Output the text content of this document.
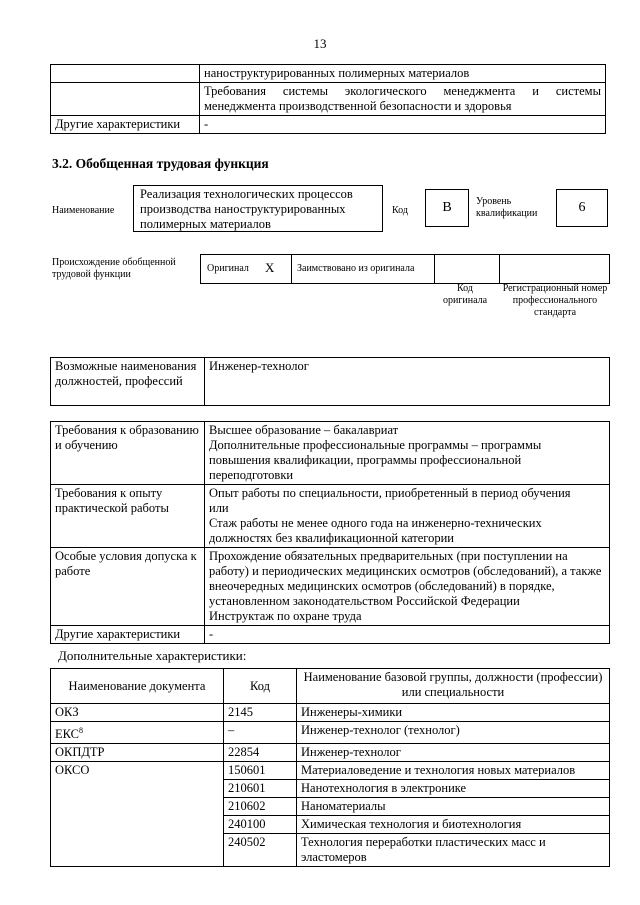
13
	наноструктурированных полимерных материалов
	Требования системы экологического менеджмента и системы менеджмента производственной безопасности и здоровья
Другие характеристики	-
3.2. Обобщенная трудовая функция
Наименование
Реализация технологических процессов производства наноструктурированных полимерных материалов
Код	B	Уровень квалификации	6
Происхождение обобщенной трудовой функции
Оригинал X Заимствовано из оригинала
Код оригинала
Регистрационный номер профессионального стандарта
Возможные наименования должностей, профессий	Инженер-технолог
Требования к образованию и обучению	Высшее образование – бакалавриат
Дополнительные профессиональные программы – программы повышения квалификации, программы профессиональной переподготовки

Требования к опыту практической работы	Опыт работы по специальности, приобретенный в период обучения
или
Стаж работы не менее одного года на инженерно-технических должностях без квалификационной категории

Особые условия допуска к работе	Прохождение обязательных предварительных (при поступлении на работу) и периодических медицинских осмотров (обследований), а также внеочередных медицинских осмотров (обследований) в порядке, установленном законодательством Российской Федерации
Инструктаж по охране труда

Другие характеристики	-
Дополнительные характеристики:
Наименование документа	Код	Наименование базовой группы, должности (профессии) или специальности
ОКЗ	2145	Инженеры-химики
ЕКС$^8$	–	Инженер-технолог (технолог)
ОКПДТР	22854	Инженер-технолог
ОКСО	150601	Материаловедение и технология новых материалов
	210601	Нанотехнология в электронике
	210602	Наноматериалы
	240100	Химическая технология и биотехнология
	240502	Технология переработки пластических масс и эластомеров
